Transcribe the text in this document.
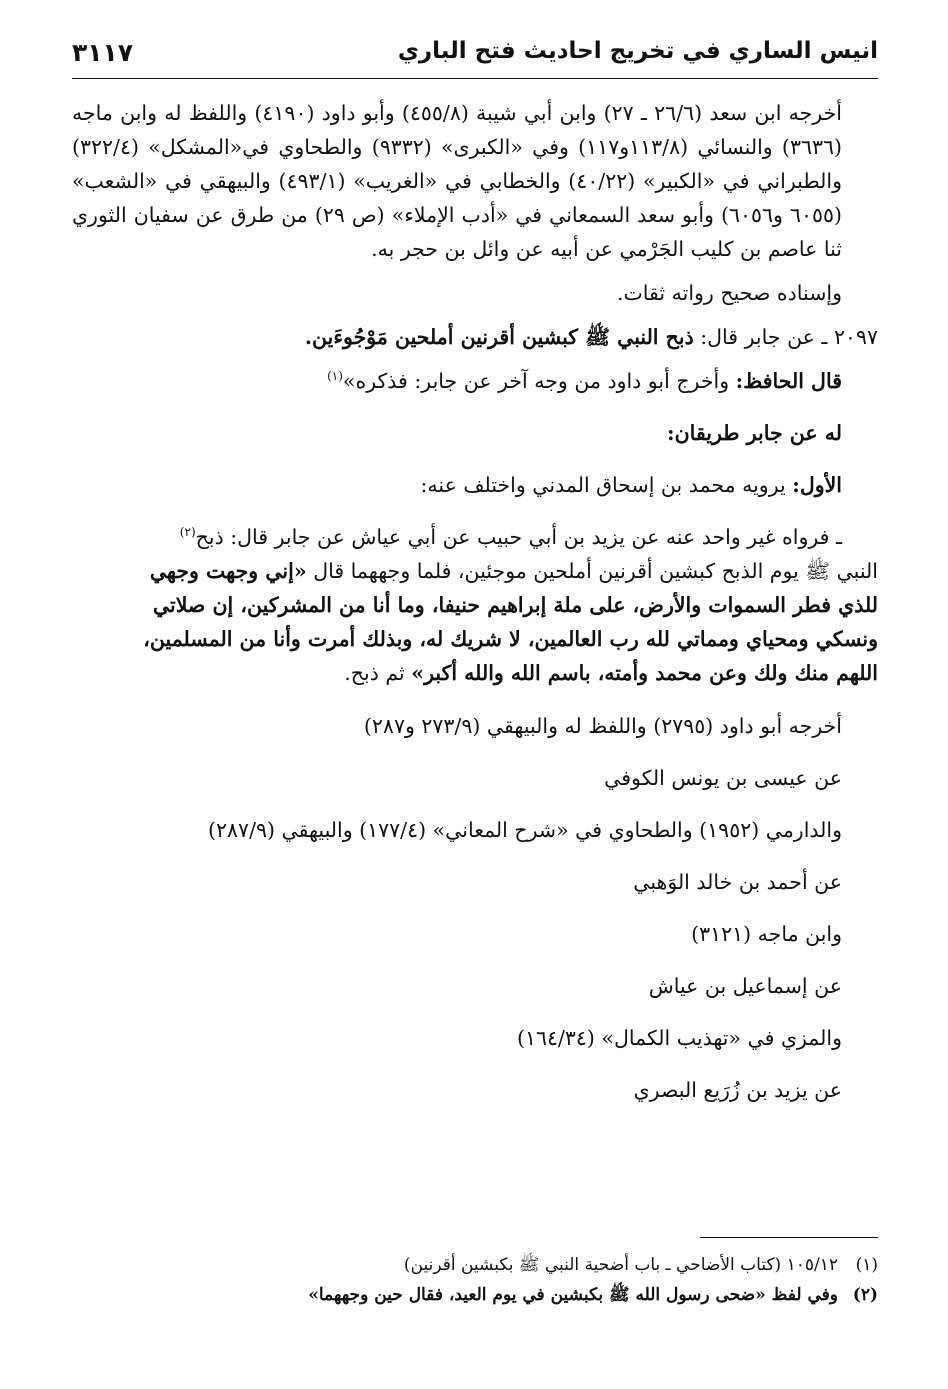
انيس الساري في تخريج احاديث فتح الباري
٣١١٧

أخرجه ابن سعد (٢٦/٦ ـ ٢٧) وابن أبي شيبة (٤٥٥/٨) وأبو داود (٤١٩٠) واللفظ له وابن ماجه (٣٦٣٦) والنسائي (١١٣/٨و١١٧) وفي «الكبرى» (٩٣٣٢) والطحاوي في«المشكل» (٣٢٢/٤) والطبراني في «الكبير» (٤٠/٢٢) والخطابي في «الغريب» (٤٩٣/١) والبيهقي في «الشعب» (٦٠٥٥ و٦٠٥٦) وأبو سعد السمعاني في «أدب الإملاء» (ص ٢٩) من طرق عن سفيان الثوري ثنا عاصم بن كليب الجَرْمي عن أبيه عن وائل بن حجر به.

وإسناده صحيح رواته ثقات.

٢٠٩٧ ـ عن جابر قال: ذبح النبي ﷺ كبشين أقرنين أملحين مَوْجُوءَين.

قال الحافظ: وأخرج أبو داود من وجه آخر عن جابر: فذكره»$^{(١)}$

له عن جابر طريقان:

الأول: يرويه محمد بن إسحاق المدني واختلف عنه:

ـ فرواه غير واحد عنه عن يزيد بن أبي حبيب عن أبي عياش عن جابر قال: ذبح$^{(٢)}$

النبي ﷺ يوم الذبح كبشين أقرنين أملحين موجئين، فلما وجههما قال «إني وجهت وجهي

للذي فطر السموات والأرض، على ملة إبراهيم حنيفا، وما أنا من المشركين، إن صلاتي

ونسكي ومحياي ومماتي لله رب العالمين، لا شريك له، وبذلك أمرت وأنا من المسلمين،

اللهم منك ولك وعن محمد وأمته، باسم الله والله أكبر» ثم ذبح.

أخرجه أبو داود (٢٧٩٥) واللفظ له والبيهقي (٢٧٣/٩ و٢٨٧)

عن عيسى بن يونس الكوفي

والدارمي (١٩٥٢) والطحاوي في «شرح المعاني» (١٧٧/٤) والبيهقي (٢٨٧/٩)

عن أحمد بن خالد الوَهبي

وابن ماجه (٣١٢١)

عن إسماعيل بن عياش

والمزي في «تهذيب الكمال» (١٦٤/٣٤)

عن يزيد بن زُرَيع البصري

(١)١٠٥/١٢ (كتاب الأضاحي ـ باب أضحية النبي ﷺ بكبشين أقرنين)

(٢)وفي لفظ «ضحى رسول الله ﷺ بكبشين في يوم العيد، فقال حين وجههما»
